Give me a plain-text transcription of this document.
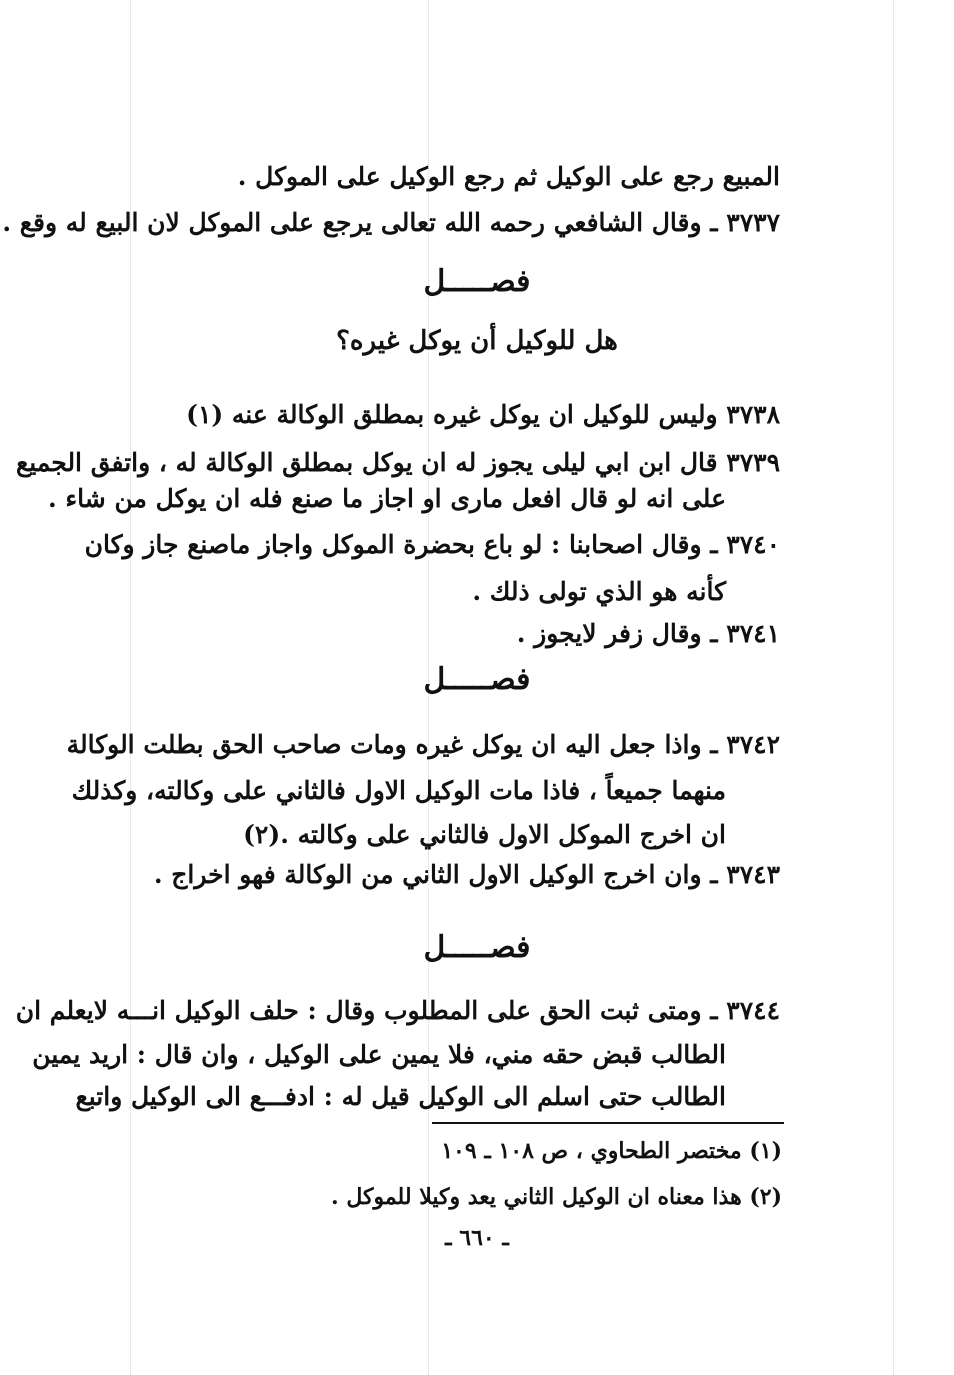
المبيع رجع على الوكيل ثم رجع الوكيل على الموكل .
٣٧٣٧ ـ وقال الشافعي رحمه الله تعالى يرجع على الموكل لان البيع له وقع .
فصـــــل
هل للوكيل أن يوكل غيره؟
٣٧٣٨ وليس للوكيل ان يوكل غيره بمطلق الوكالة عنه (١)
٣٧٣٩ قال ابن ابي ليلى يجوز له ان يوكل بمطلق الوكالة له ، واتفق الجميع
على انه لو قال افعل مارى او اجاز ما صنع فله ان يوكل من شاء .
٣٧٤٠ ـ وقال اصحابنا : لو باع بحضرة الموكل واجاز ماصنع جاز وكان
كأنه هو الذي تولى ذلك .
٣٧٤١ ـ وقال زفر لايجوز .
فصـــــل
٣٧٤٢ ـ واذا جعل اليه ان يوكل غيره ومات صاحب الحق بطلت الوكالة
منهما جميعاً ، فاذا مات الوكيل الاول فالثاني على وكالته، وكذلك
ان اخرج الموكل الاول فالثاني على وكالته .(٢)
٣٧٤٣ ـ وان اخرج الوكيل الاول الثاني من الوكالة فهو اخراج .
فصـــــل
٣٧٤٤ ـ ومتى ثبت الحق على المطلوب وقال : حلف الوكيل انـــه لايعلم ان
الطالب قبض حقه مني، فلا يمين على الوكيل ، وان قال : اريد يمين
الطالب حتى اسلم الى الوكيل قيل له : ادفـــع الى الوكيل واتبع
(١) مختصر الطحاوي ، ص ١٠٨ ـ ١٠٩
(٢) هذا معناه ان الوكيل الثاني يعد وكيلا للموكل .
ـ ٦٦٠ ـ
